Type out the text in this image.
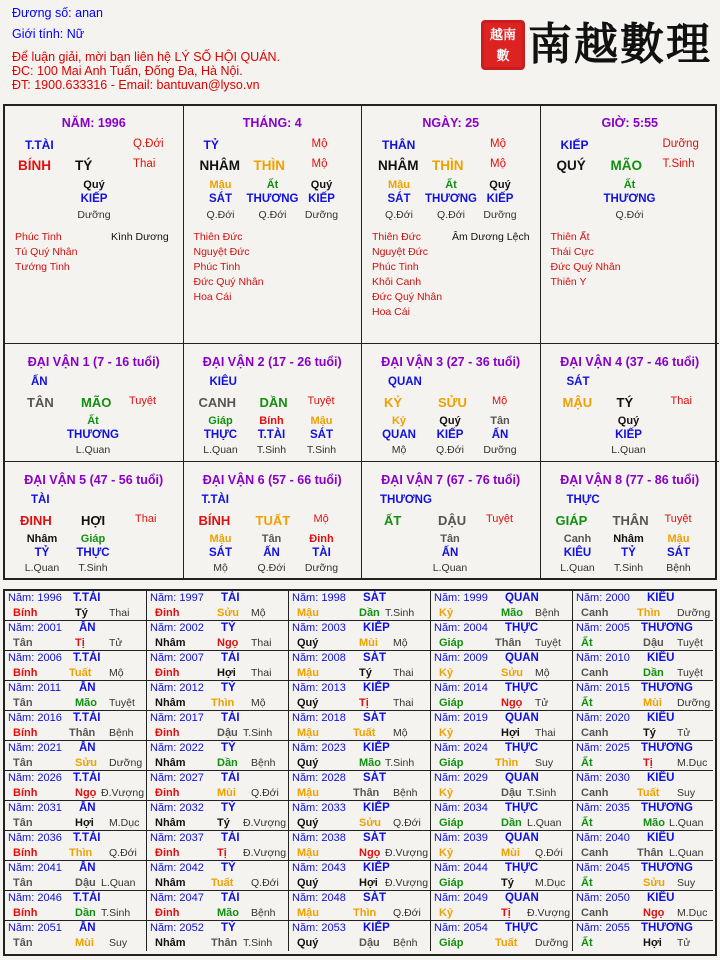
Đương số: anan
Giới tính: Nữ
Để luận giải, mời bạn liên hệ LÝ SỐ HỘI QUÁN.
ĐC: 100 Mai Anh Tuấn, Đống Đa, Hà Nội.
ĐT: 1900.633316 - Email: bantuvan@lyso.vn
越南數 南越數理
NĂM: 1996
T.TÀI	Q.Đới
BÍNH TÝ	Thai
Quý
KIẾP
Dưỡng
Phúc Tinh
Tú Quý Nhân
Tướng Tinh
Kình Dương
THÁNG: 4
TỶ	Mộ
NHÂM THÌN Mộ
Mậu
SÁT
Q.Đới
Ất
THƯƠNG
Q.Đới
Quý
KIẾP
Dưỡng
Thiên Đức
Nguyệt Đức
Phúc Tinh
Đức Quý Nhân
Hoa Cái
NGÀY: 25
THÂN	Mộ
NHÂM THÌN Mộ
Mậu
SÁT
Q.Đới
Ất
THƯƠNG
Q.Đới
Quý
KIẾP
Dưỡng
Thiên Đức
Nguyệt Đức
Phúc Tinh
Khôi Canh
Đức Quý Nhân
Hoa Cái
Âm Dương Lệch
GIỜ: 5:55
KIẾP	Dưỡng
QUÝ MÃO T.Sinh
Ất
THƯƠNG
Q.Đới
Thiên Ất
Thái Cực
Đức Quý Nhân
Thiên Y
ĐẠI VẬN 1 (7 - 16 tuổi)
ẤN
TÂN MÃO Tuyệt
Ất
THƯƠNG
L.Quan
ĐẠI VẬN 2 (17 - 26 tuổi)
KIÊU
CANH DẦN Tuyệt
Giáp
THỰC
L.Quan
Bính
T.TÀI
T.Sinh
Mậu
SÁT
T.Sinh
ĐẠI VẬN 3 (27 - 36 tuổi)
QUAN
KỶ	SỬU Mộ
Kỷ
QUAN
Mộ
Quý
KIẾP
Q.Đới
Tân
ẤN
Dưỡng
ĐẠI VẬN 4 (37 - 46 tuổi)
SÁT
MẬU TÝ	Thai
Quý
KIẾP
L.Quan
ĐẠI VẬN 5 (47 - 56 tuổi)
TÀI
ĐINH HỢI	Thai
Nhâm
TỶ
L.Quan
Giáp
THỰC
T.Sinh
ĐẠI VẬN 6 (57 - 66 tuổi)
T.TÀI
BÍNH TUẤT Mộ
Mậu
SÁT
Mộ
Tân
ẤN
Q.Đới
Đinh
TÀI
Dưỡng
ĐẠI VẬN 7 (67 - 76 tuổi)
THƯƠNG
ẤT	DẬU Tuyệt
Tân
ẤN
L.Quan
ĐẠI VẬN 8 (77 - 86 tuổi)
THỰC
GIÁP THÂN Tuyệt
Canh
KIÊU
L.Quan
Nhâm
TỶ
T.Sinh
Mậu
SÁT
Bệnh
Năm: 1996 T.TÀI
Bính	Tý Thai
Năm: 1997 TÀI
Đinh	Sửu Mộ
Năm: 1998 SÁT
Mậu	Dần T.Sinh
Năm: 1999 QUAN
Kỷ	Mão Bệnh
Năm: 2000 KIÊU
Canh	Thìn Dưỡng
Năm: 2001 ẤN
Tân	Tị Tử
Năm: 2002 TỶ
Nhâm	Ngọ Thai
Năm: 2003 KIẾP
Quý	Mùi Mộ
Năm: 2004 THỰC
Giáp	Thân Tuyệt
Năm: 2005 THƯƠNG
Ất	Dậu Tuyệt
Năm: 2006 T.TÀI
Bính	Tuất Mộ
Năm: 2007 TÀI
Đinh	Hợi Thai
Năm: 2008 SÁT
Mậu	Tý Thai
Năm: 2009 QUAN
Kỷ	Sửu Mộ
Năm: 2010 KIÊU
Canh	Dần Tuyệt
Năm: 2011 ẤN
Tân	Mão Tuyệt
Năm: 2012 TỶ
Nhâm Thìn Mộ
Năm: 2013 KIẾP
Quý	Tị Thai
Năm: 2014 THỰC
Giáp	Ngọ Tử
Năm: 2015 THƯƠNG
Ất	Mùi Dưỡng
Năm: 2016 T.TÀI
Bính	Thân Bệnh
Năm: 2017 TÀI
Đinh	Dậu T.Sinh
Năm: 2018 SÁT
Mậu	Tuất Mộ
Năm: 2019 QUAN
Kỷ	Hợi Thai
Năm: 2020 KIÊU
Canh	Tý Tử
Năm: 2021 ẤN
Tân	Sửu Dưỡng
Năm: 2022 TỶ
Nhâm	Dần Bệnh
Năm: 2023 KIẾP
Quý	Mão T.Sinh
Năm: 2024 THỰC
Giáp	Thìn Suy
Năm: 2025 THƯƠNG
Ất	Tị M.Dục
Năm: 2026 T.TÀI
Bính	Ngọ Đ.Vượng
Năm: 2027 TÀI
Đinh	Mùi Q.Đới
Năm: 2028 SÁT
Mậu	Thân Bệnh
Năm: 2029 QUAN
Kỷ	Dậu T.Sinh
Năm: 2030 KIÊU
Canh	Tuất Suy
Năm: 2031 ẤN
Tân	Hợi M.Dục
Năm: 2032 TỶ
Nhâm	Tý Đ.Vượng
Năm: 2033 KIẾP
Quý	Sửu Q.Đới
Năm: 2034 THỰC
Giáp	Dần L.Quan
Năm: 2035 THƯƠNG
Ất	Mão L.Quan
Năm: 2036 T.TÀI
Bính	Thìn Q.Đới
Năm: 2037 TÀI
Đinh	Tị Đ.Vượng
Năm: 2038 SÁT
Mậu	Ngọ Đ.Vượng
Năm: 2039 QUAN
Kỷ	Mùi Q.Đới
Năm: 2040 KIÊU
Canh	Thân L.Quan
Năm: 2041 ẤN
Tân	Dậu L.Quan
Năm: 2042 TỶ
Nhâm Tuất Q.Đới
Năm: 2043 KIẾP
Quý	Hợi Đ.Vượng
Năm: 2044 THỰC
Giáp	Tý M.Dục
Năm: 2045 THƯƠNG
Ất	Sửu Suy
Năm: 2046 T.TÀI
Bính	Dần T.Sinh
Năm: 2047 TÀI
Đinh	Mão Bệnh
Năm: 2048 SÁT
Mậu	Thìn Q.Đới
Năm: 2049 QUAN
Kỷ	Tị Đ.Vượng
Năm: 2050 KIÊU
Canh	Ngọ M.Dục
Năm: 2051 ẤN
Tân	Mùi Suy
Năm: 2052 TỶ
Nhâm Thân T.Sinh
Năm: 2053 KIẾP
Quý	Dậu Bệnh
Năm: 2054 THỰC
Giáp	Tuất Dưỡng
Năm: 2055 THƯƠNG
Ất	Hợi Tử
